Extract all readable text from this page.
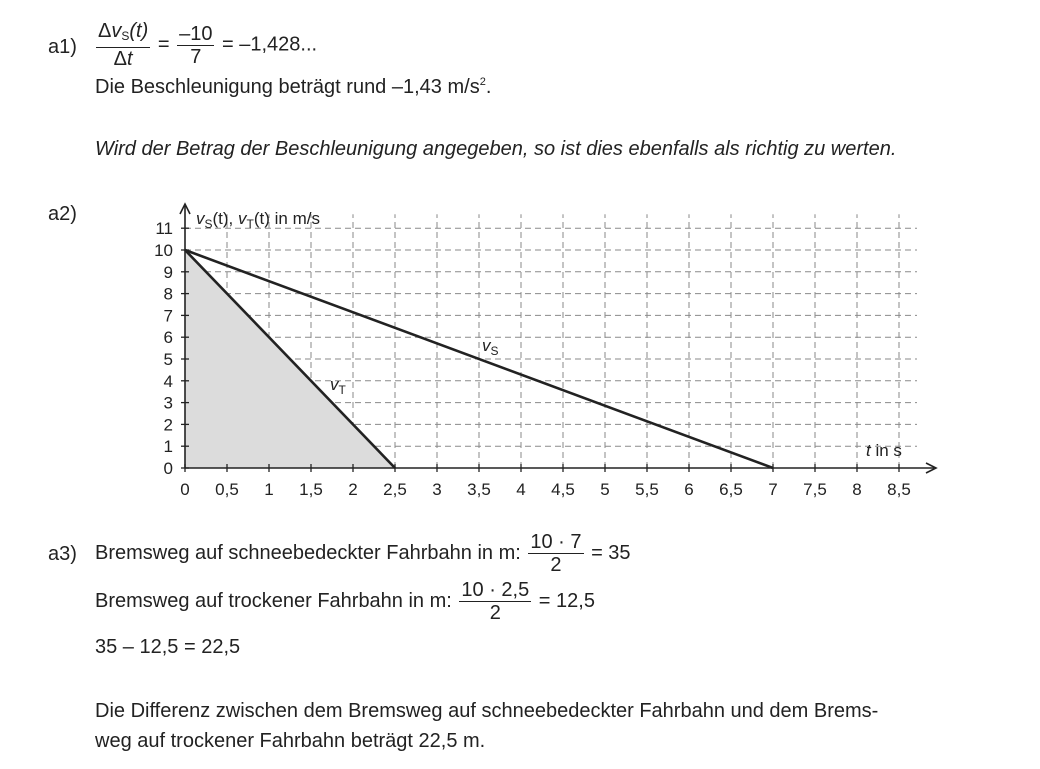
$a1) \frac{\Delta v_S(t)}{\Delta t} = \frac{-10}{7} = -1,428$...
Die Beschleunigung beträgt rund –1,43 $m/s^2$.
Wird der Betrag der Beschleunigung angegeben, so ist dies ebenfalls als richtig zu werten.
a2)
0
1
2
3
4
5
6
7
8
9
10
11
0 0,5 1 1,5 2 2,5 3 3,5 4 4,5 5 5,5 6 6,5 7 7,5 8 8,5
$v_S(t)$, $v_T(t)$ in m/s
t in s
$v_S$
$v_T$
a3) Bremsweg auf schneebedeckter Fahrbahn in m: $\frac{10 \cdot 7}{2} = 35$
Bremsweg auf trockener Fahrbahn in m: $\frac{10 \cdot 2,5}{2} = 12,5$
35 – 12,5 = 22,5
Die Differenz zwischen dem Bremsweg auf schneebedeckter Fahrbahn und dem Brems-
weg auf trockener Fahrbahn beträgt 22,5 m.
